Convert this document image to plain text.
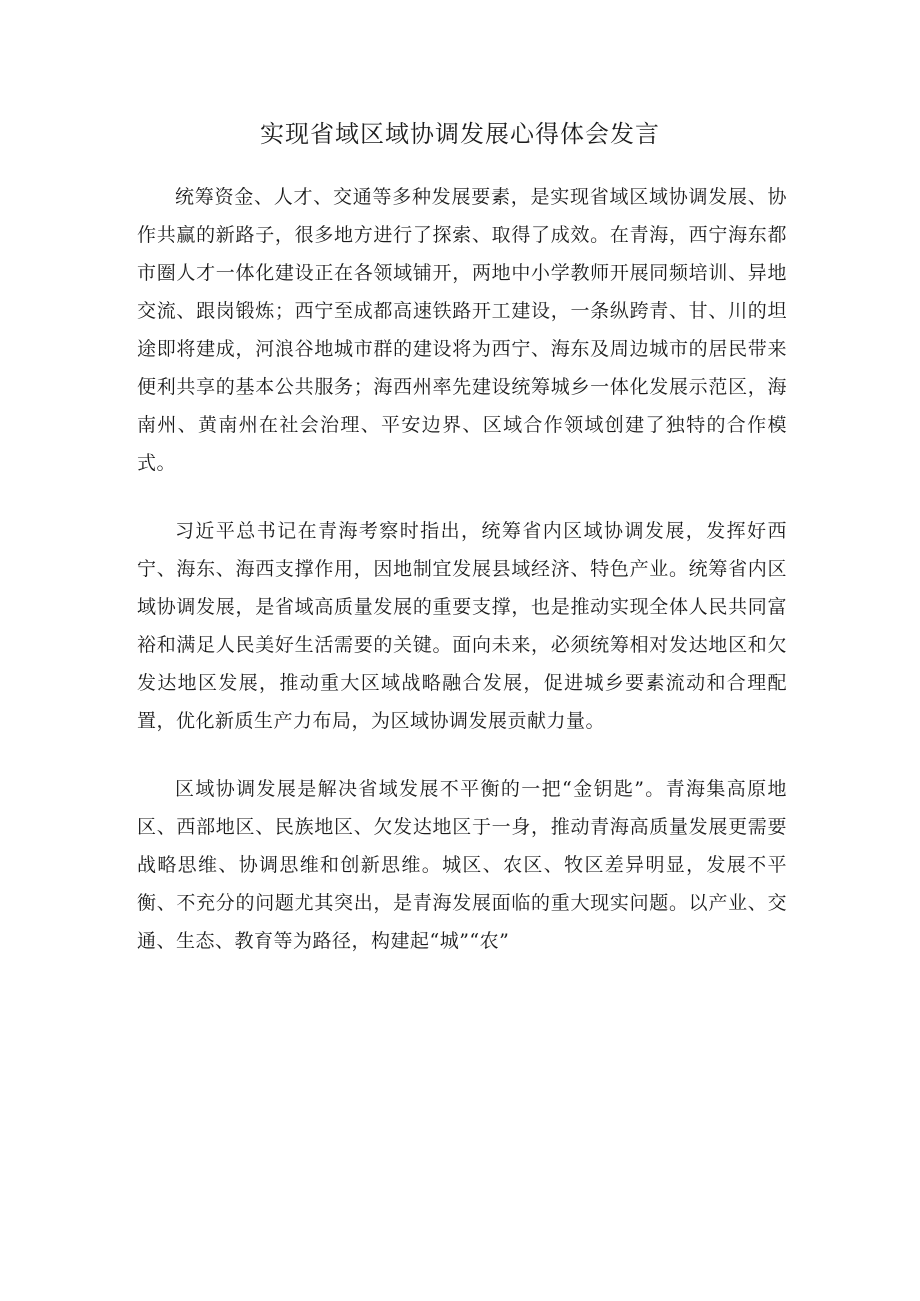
实现省域区域协调发展心得体会发言

统筹资金、人才、交通等多种发展要素，是实现省域区域协调发展、协作共赢的新路子，很多地方进行了探索、取得了成效。在青海，西宁海东都市圈人才一体化建设正在各领域铺开，两地中小学教师开展同频培训、异地交流、跟岗锻炼；西宁至成都高速铁路开工建设，一条纵跨青、甘、川的坦途即将建成，河浪谷地城市群的建设将为西宁、海东及周边城市的居民带来便利共享的基本公共服务；海西州率先建设统筹城乡一体化发展示范区，海南州、黄南州在社会治理、平安边界、区域合作领域创建了独特的合作模式。

习近平总书记在青海考察时指出，统筹省内区域协调发展，发挥好西宁、海东、海西支撑作用，因地制宜发展县域经济、特色产业。统筹省内区域协调发展，是省域高质量发展的重要支撑，也是推动实现全体人民共同富裕和满足人民美好生活需要的关键。面向未来，必须统筹相对发达地区和欠发达地区发展，推动重大区域战略融合发展，促进城乡要素流动和合理配置，优化新质生产力布局，为区域协调发展贡献力量。

区域协调发展是解决省域发展不平衡的一把“金钥匙”。青海集高原地区、西部地区、民族地区、欠发达地区于一身，推动青海高质量发展更需要战略思维、协调思维和创新思维。城区、农区、牧区差异明显，发展不平衡、不充分的问题尤其突出，是青海发展面临的重大现实问题。以产业、交通、生态、教育等为路径，构建起“城”“农”
